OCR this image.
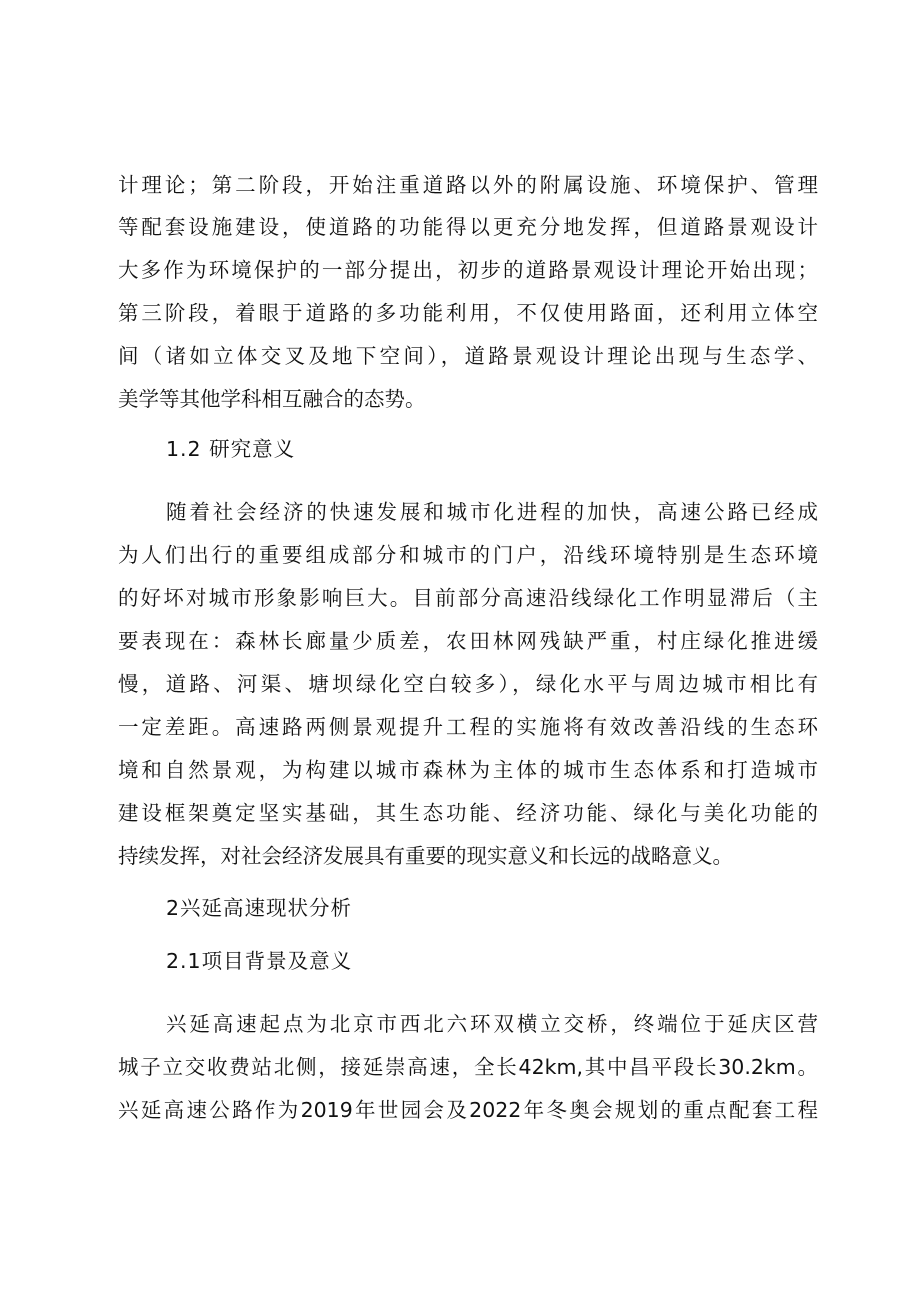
计理论；第二阶段，开始注重道路以外的附属设施、环境保护、管理
等配套设施建设，使道路的功能得以更充分地发挥，但道路景观设计
大多作为环境保护的一部分提出，初步的道路景观设计理论开始出现；
第三阶段，着眼于道路的多功能利用，不仅使用路面，还利用立体空
间（诸如立体交叉及地下空间），道路景观设计理论出现与生态学、
美学等其他学科相互融合的态势。
1.2 研究意义
随着社会经济的快速发展和城市化进程的加快，高速公路已经成
为人们出行的重要组成部分和城市的门户，沿线环境特别是生态环境
的好坏对城市形象影响巨大。目前部分高速沿线绿化工作明显滞后（主
要表现在：森林长廊量少质差，农田林网残缺严重，村庄绿化推进缓
慢，道路、河渠、塘坝绿化空白较多），绿化水平与周边城市相比有
一定差距。高速路两侧景观提升工程的实施将有效改善沿线的生态环
境和自然景观，为构建以城市森林为主体的城市生态体系和打造城市
建设框架奠定坚实基础，其生态功能、经济功能、绿化与美化功能的
持续发挥，对社会经济发展具有重要的现实意义和长远的战略意义。
2兴延高速现状分析
2.1项目背景及意义
兴延高速起点为北京市西北六环双横立交桥，终端位于延庆区营
城子立交收费站北侧，接延崇高速，全长42km,其中昌平段长30.2km。
兴延高速公路作为2019年世园会及2022年冬奥会规划的重点配套工程
